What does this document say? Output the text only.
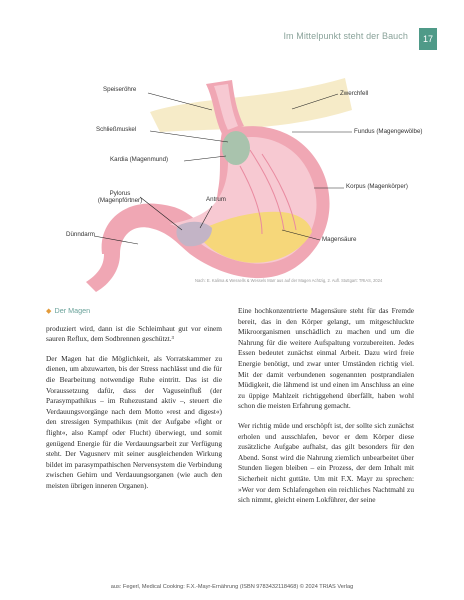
Im Mittelpunkt steht der Bauch	17
Speiseröhre
Zwerchfell
Schließmuskel	Fundus (Magengewölbe)
Kardia (Magenmund)
Pylorus
(Magenpförtner)	Antrum
Korpus (Magenkörper)
Magensäure
Dünndarm
Nach: E. Kalima & Wessells & Wessels Marr aus auf der Magen Achtzig, 2. Aufl. Stuttgart: TRIAS, 2024

◆ Der Magen

produziert wird, dann ist die Schleimhaut gut vor einem sauren Reflux, dem Sodbrennen geschützt.³

Der Magen hat die Möglichkeit, als Vorratskammer zu dienen, um abzuwarten, bis der Stress nachlässt und die für die Bearbeitung notwendige Ruhe eintritt. Das ist die Voraussetzung dafür, dass der Vaguseinfluß (der Parasympathikus – im Ruhezustand aktiv –, steuert die Verdauungsvorgänge nach dem Motto »rest and digest«) den stressigen Sympathikus (mit der Aufgabe »fight or flight«, also Kampf oder Flucht) überwiegt, und somit genügend Energie für die Verdauungsarbeit zur Verfügung steht. Der Vagusnerv mit seiner ausgleichenden Wirkung bildet im parasympathischen Nervensystem die Verbindung zwischen Gehirn und Verdauungsorganen (wie auch den meisten übrigen inneren Organen).

Eine hochkonzentrierte Magensäure steht für das Fremde bereit, das in den Körper gelangt, um mitgeschluckte Mikroorganismen unschädlich zu machen und um die Nahrung für die weitere Aufspaltung vorzubereiten. Jedes Essen bedeutet zunächst einmal Arbeit. Dazu wird freie Energie benötigt, und zwar unter Umständen richtig viel. Mit der damit verbundenen sogenannten postprandialen Müdigkeit, die lähmend ist und einen im Anschluss an eine zu üppige Mahlzeit richtiggehend überfällt, haben wohl schon die meisten Erfahrung gemacht.

Wer richtig müde und erschöpft ist, der sollte sich zunächst erholen und ausschlafen, bevor er dem Körper diese zusätzliche Aufgabe aufhalst, das gilt besonders für den Abend. Sonst wird die Nahrung ziemlich unbearbeitet über Stunden liegen bleiben – ein Prozess, der dem Inhalt mit Sicherheit nicht guttäte. Um mit F.X. Mayr zu sprechen: »Wer vor dem Schlafengehen ein reichliches Nachtmahl zu sich nimmt, gleicht einem Lokführer, der seine

aus: Fegerl, Medical Cooking: F.X.-Mayr-Ernährung (ISBN 9783432118468) © 2024 TRIAS Verlag
